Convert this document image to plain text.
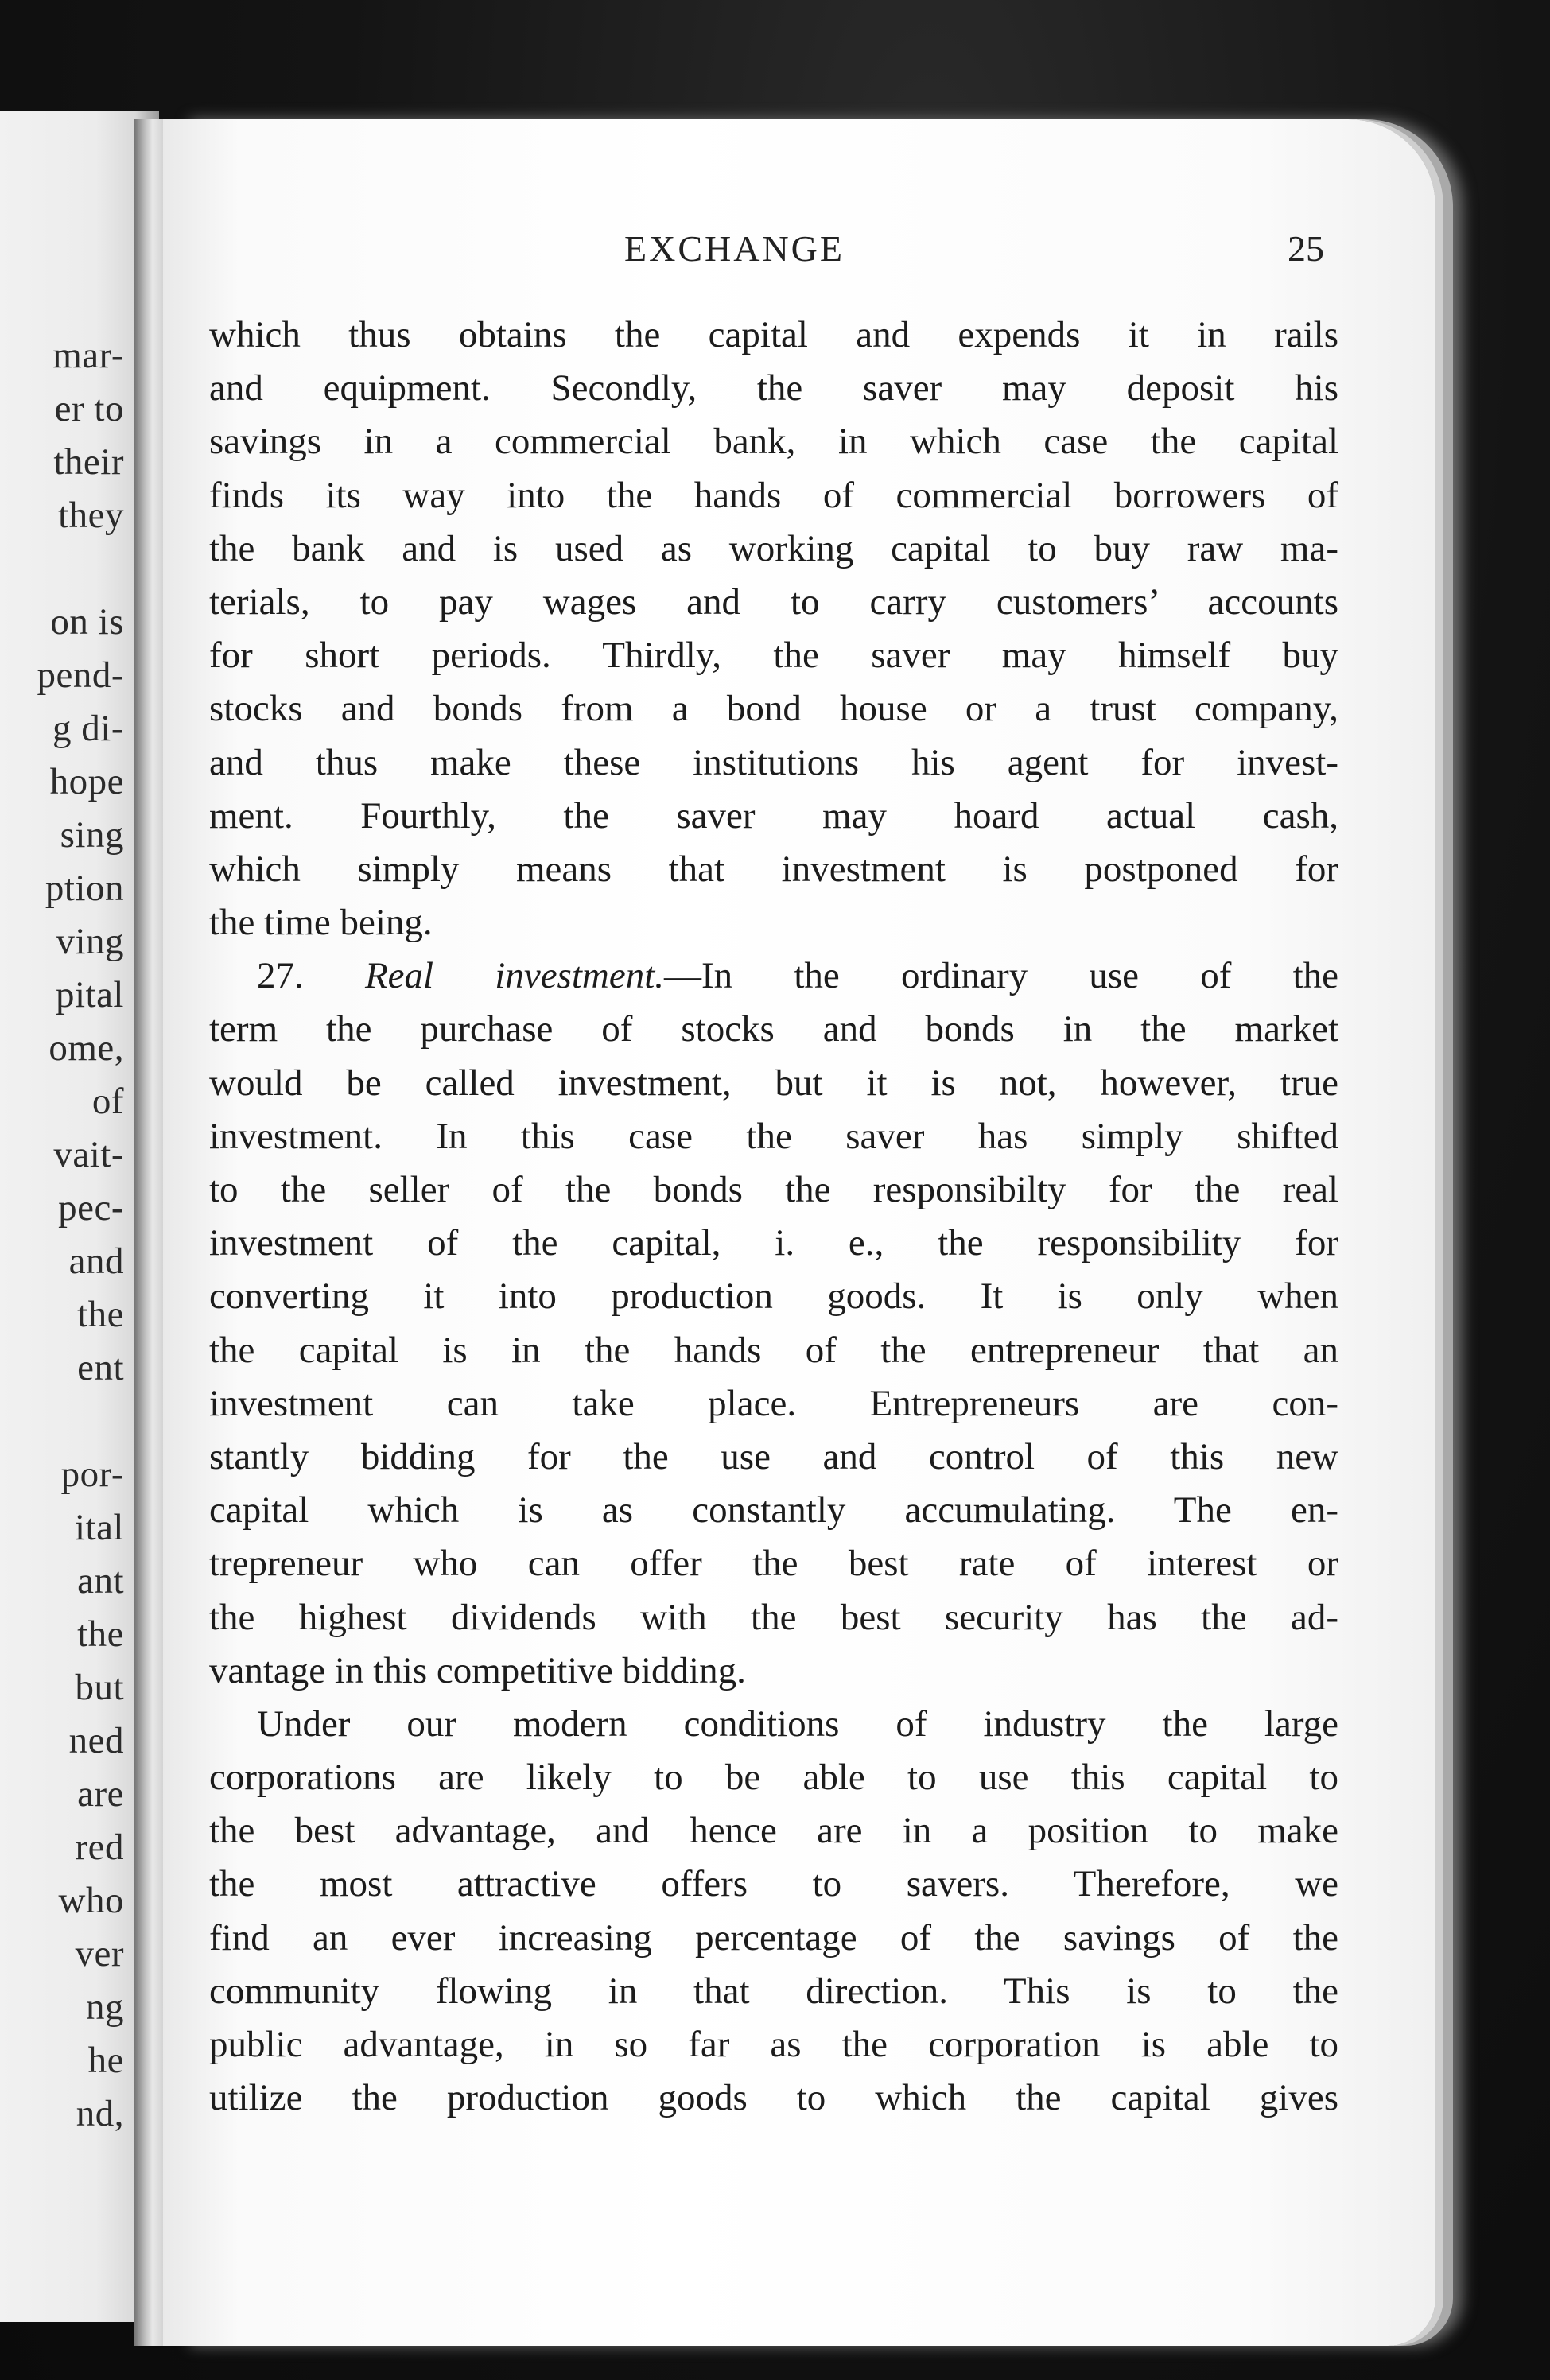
mar-
er to
their
they
on is
pend-
g di-
hope
sing
ption
ving
pital
ome,
of
vait-
pec-
and
the
ent
por-
ital
ant
the
but
ned
are
red
who
ver
ng
he
nd,
EXCHANGE	25
which thus obtains the capital and expends it in rails
and equipment. Secondly, the saver may deposit his
savings in a commercial bank, in which case the capital
finds its way into the hands of commercial borrowers of
the bank and is used as working capital to buy raw ma-
terials, to pay wages and to carry customers’ accounts
for short periods. Thirdly, the saver may himself buy
stocks and bonds from a bond house or a trust company,
and thus make these institutions his agent for invest-
ment. Fourthly, the saver may hoard actual cash,
which simply means that investment is postponed for
the time being.
27. Real investment.—In the ordinary use of the
term the purchase of stocks and bonds in the market
would be called investment, but it is not, however, true
investment. In this case the saver has simply shifted
to the seller of the bonds the responsibilty for the real
investment of the capital, i. e., the responsibility for
converting it into production goods. It is only when
the capital is in the hands of the entrepreneur that an
investment can take place. Entrepreneurs are con-
stantly bidding for the use and control of this new
capital which is as constantly accumulating. The en-
trepreneur who can offer the best rate of interest or
the highest dividends with the best security has the ad-
vantage in this competitive bidding.
Under our modern conditions of industry the large
corporations are likely to be able to use this capital to
the best advantage, and hence are in a position to make
the most attractive offers to savers. Therefore, we
find an ever increasing percentage of the savings of the
community flowing in that direction. This is to the
public advantage, in so far as the corporation is able to
utilize the production goods to which the capital gives
